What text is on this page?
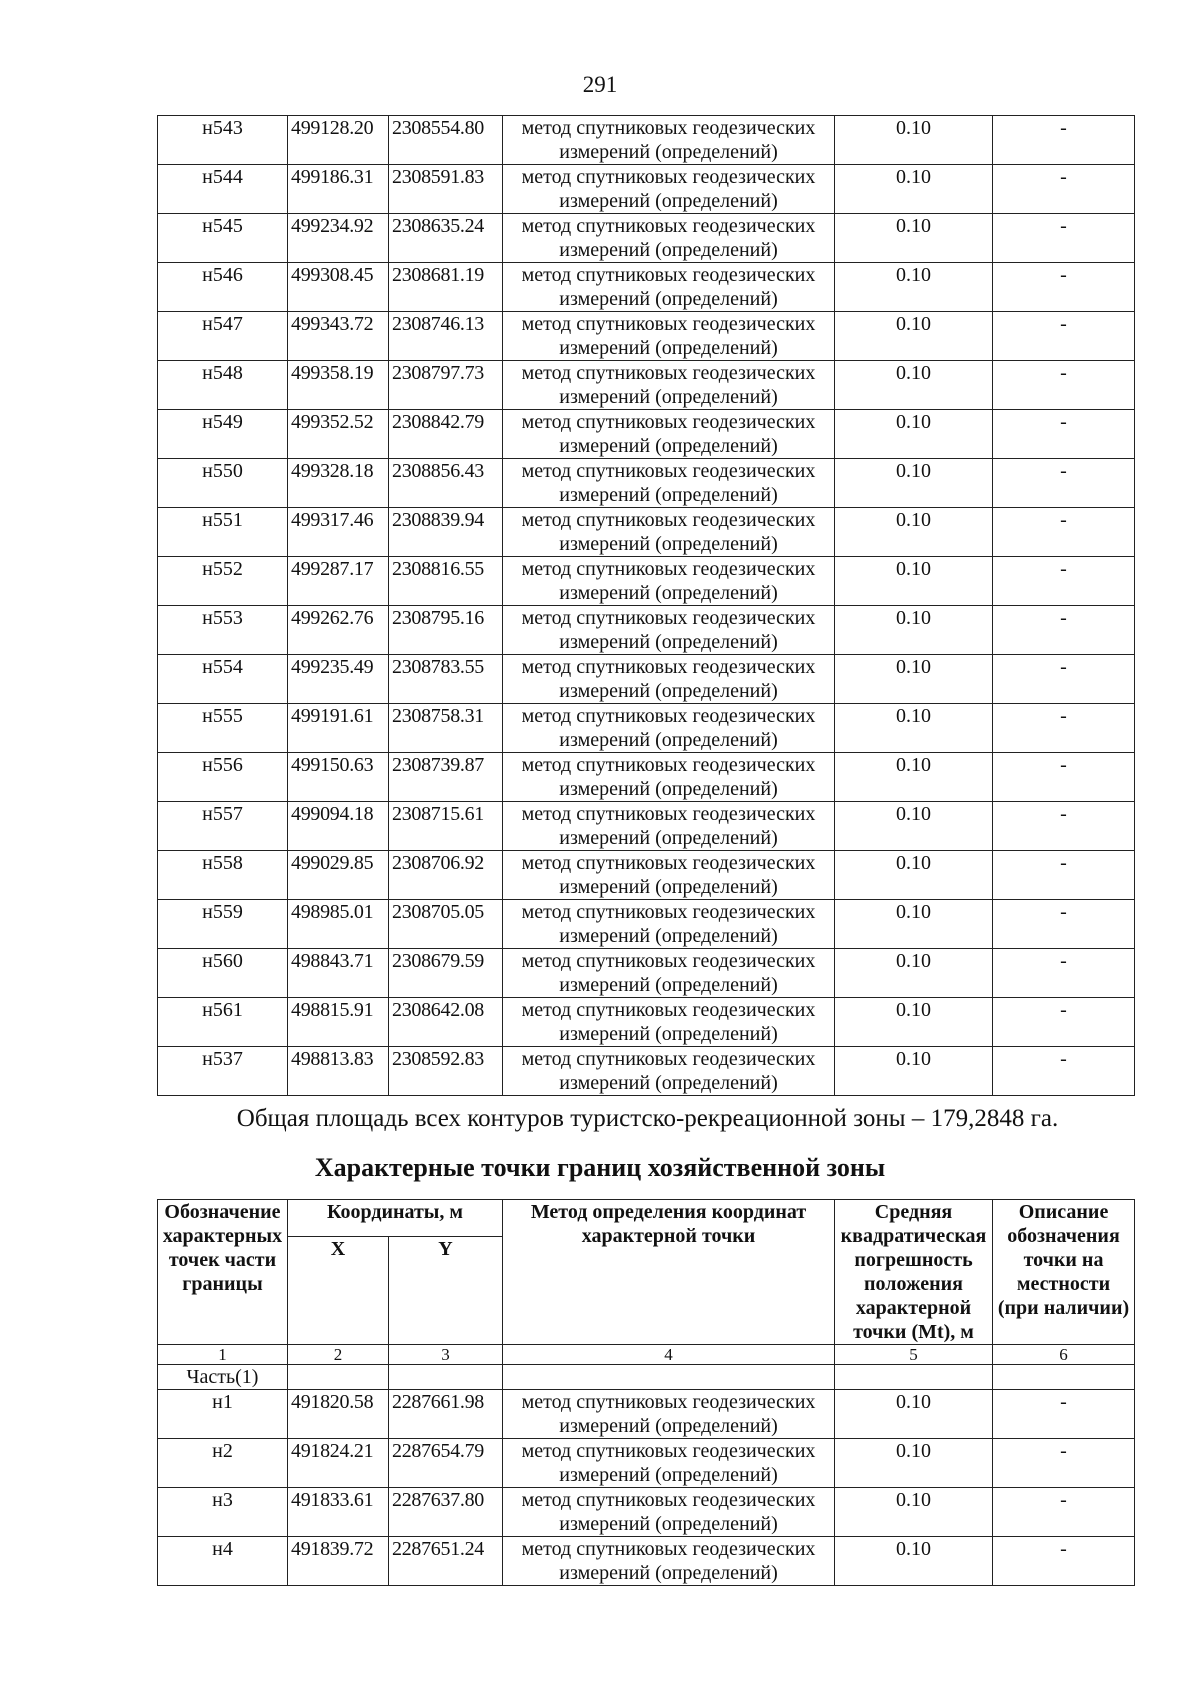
291
н543	499128.20	2308554.80	метод спутниковых геодезических измерений (определений)	0.10	-
н544	499186.31	2308591.83	метод спутниковых геодезических измерений (определений)	0.10	-
н545	499234.92	2308635.24	метод спутниковых геодезических измерений (определений)	0.10	-
н546	499308.45	2308681.19	метод спутниковых геодезических измерений (определений)	0.10	-
н547	499343.72	2308746.13	метод спутниковых геодезических измерений (определений)	0.10	-
н548	499358.19	2308797.73	метод спутниковых геодезических измерений (определений)	0.10	-
н549	499352.52	2308842.79	метод спутниковых геодезических измерений (определений)	0.10	-
н550	499328.18	2308856.43	метод спутниковых геодезических измерений (определений)	0.10	-
н551	499317.46	2308839.94	метод спутниковых геодезических измерений (определений)	0.10	-
н552	499287.17	2308816.55	метод спутниковых геодезических измерений (определений)	0.10	-
н553	499262.76	2308795.16	метод спутниковых геодезических измерений (определений)	0.10	-
н554	499235.49	2308783.55	метод спутниковых геодезических измерений (определений)	0.10	-
н555	499191.61	2308758.31	метод спутниковых геодезических измерений (определений)	0.10	-
н556	499150.63	2308739.87	метод спутниковых геодезических измерений (определений)	0.10	-
н557	499094.18	2308715.61	метод спутниковых геодезических измерений (определений)	0.10	-
н558	499029.85	2308706.92	метод спутниковых геодезических измерений (определений)	0.10	-
н559	498985.01	2308705.05	метод спутниковых геодезических измерений (определений)	0.10	-
н560	498843.71	2308679.59	метод спутниковых геодезических измерений (определений)	0.10	-
н561	498815.91	2308642.08	метод спутниковых геодезических измерений (определений)	0.10	-
н537	498813.83	2308592.83	метод спутниковых геодезических измерений (определений)	0.10	-
Общая площадь всех контуров туристско-рекреационной зоны – 179,2848 га.
Характерные точки границ хозяйственной зоны
Обозначение характерных точек части границы	Координаты, м		Метод определения координат характерной точки	Средняя квадратическая погрешность положения характерной точки (Mt), м	Описание обозначения точки на местности (при наличии)
	X	Y			
1	2	3	4	5	6
Часть(1)					
н1	491820.58	2287661.98	метод спутниковых геодезических измерений (определений)	0.10	-
н2	491824.21	2287654.79	метод спутниковых геодезических измерений (определений)	0.10	-
н3	491833.61	2287637.80	метод спутниковых геодезических измерений (определений)	0.10	-
н4	491839.72	2287651.24	метод спутниковых геодезических измерений (определений)	0.10	-
